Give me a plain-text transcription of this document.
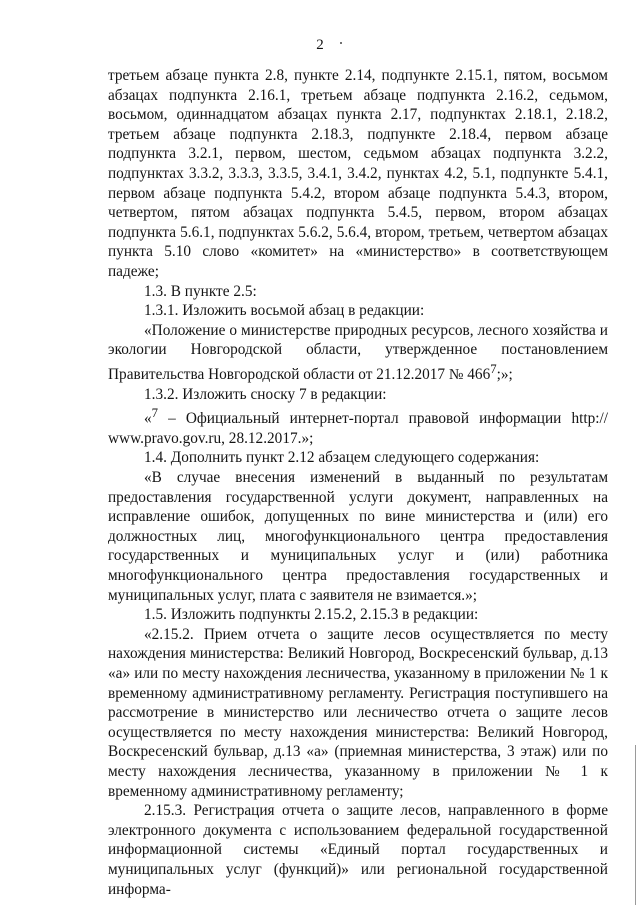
2

третьем абзаце пункта 2.8, пункте 2.14, подпункте 2.15.1, пятом, восьмом абзацах подпункта 2.16.1, третьем абзаце подпункта 2.16.2, седьмом, восьмом, одиннадцатом абзацах пункта 2.17, подпунктах 2.18.1, 2.18.2, третьем абзаце подпункта 2.18.3, подпункте 2.18.4, первом абзаце подпункта 3.2.1, первом, шестом, седьмом абзацах подпункта 3.2.2, подпунктах 3.3.2, 3.3.3, 3.3.5, 3.4.1, 3.4.2, пунктах 4.2, 5.1, подпункте 5.4.1, первом абзаце подпункта 5.4.2, втором абзаце подпункта 5.4.3, втором, четвертом, пятом абзацах подпункта 5.4.5, первом, втором абзацах подпункта 5.6.1, подпунктах 5.6.2, 5.6.4, втором, третьем, четвертом абзацах пункта 5.10 слово «комитет» на «министерство» в соответствующем падеже;

1.3. В пункте 2.5:

1.3.1. Изложить восьмой абзац в редакции:

«Положение о министерстве природных ресурсов, лесного хозяйства и экологии Новгородской области, утвержденное постановлением Правительства Новгородской области от 21.12.2017 № $466^7$;»;

1.3.2. Изложить сноску 7 в редакции:

«$^7$ – Официальный интернет-портал правовой информации http:// www.pravo.gov.ru, 28.12.2017.»;

1.4. Дополнить пункт 2.12 абзацем следующего содержания:

«В случае внесения изменений в выданный по результатам предоставления государственной услуги документ, направленных на исправление ошибок, допущенных по вине министерства и (или) его должностных лиц, многофункционального центра предоставления государственных и муниципальных услуг и (или) работника многофункционального центра предоставления государственных и муниципальных услуг, плата с заявителя не взимается.»;

1.5. Изложить подпункты 2.15.2, 2.15.3 в редакции:

«2.15.2. Прием отчета о защите лесов осуществляется по месту нахождения министерства: Великий Новгород, Воскресенский бульвар, д.13 «а» или по месту нахождения лесничества, указанному в приложении № 1 к временному административному регламенту. Регистрация поступившего на рассмотрение в министерство или лесничество отчета о защите лесов осуществляется по месту нахождения министерства: Великий Новгород, Воскресенский бульвар, д.13 «а» (приемная министерства, 3 этаж) или по месту нахождения лесничества, указанному в приложении № 1 к временному административному регламенту;

2.15.3. Регистрация отчета о защите лесов, направленного в форме электронного документа с использованием федеральной государственной информационной системы «Единый портал государственных и муниципальных услуг (функций)» или региональной государственной информа-
